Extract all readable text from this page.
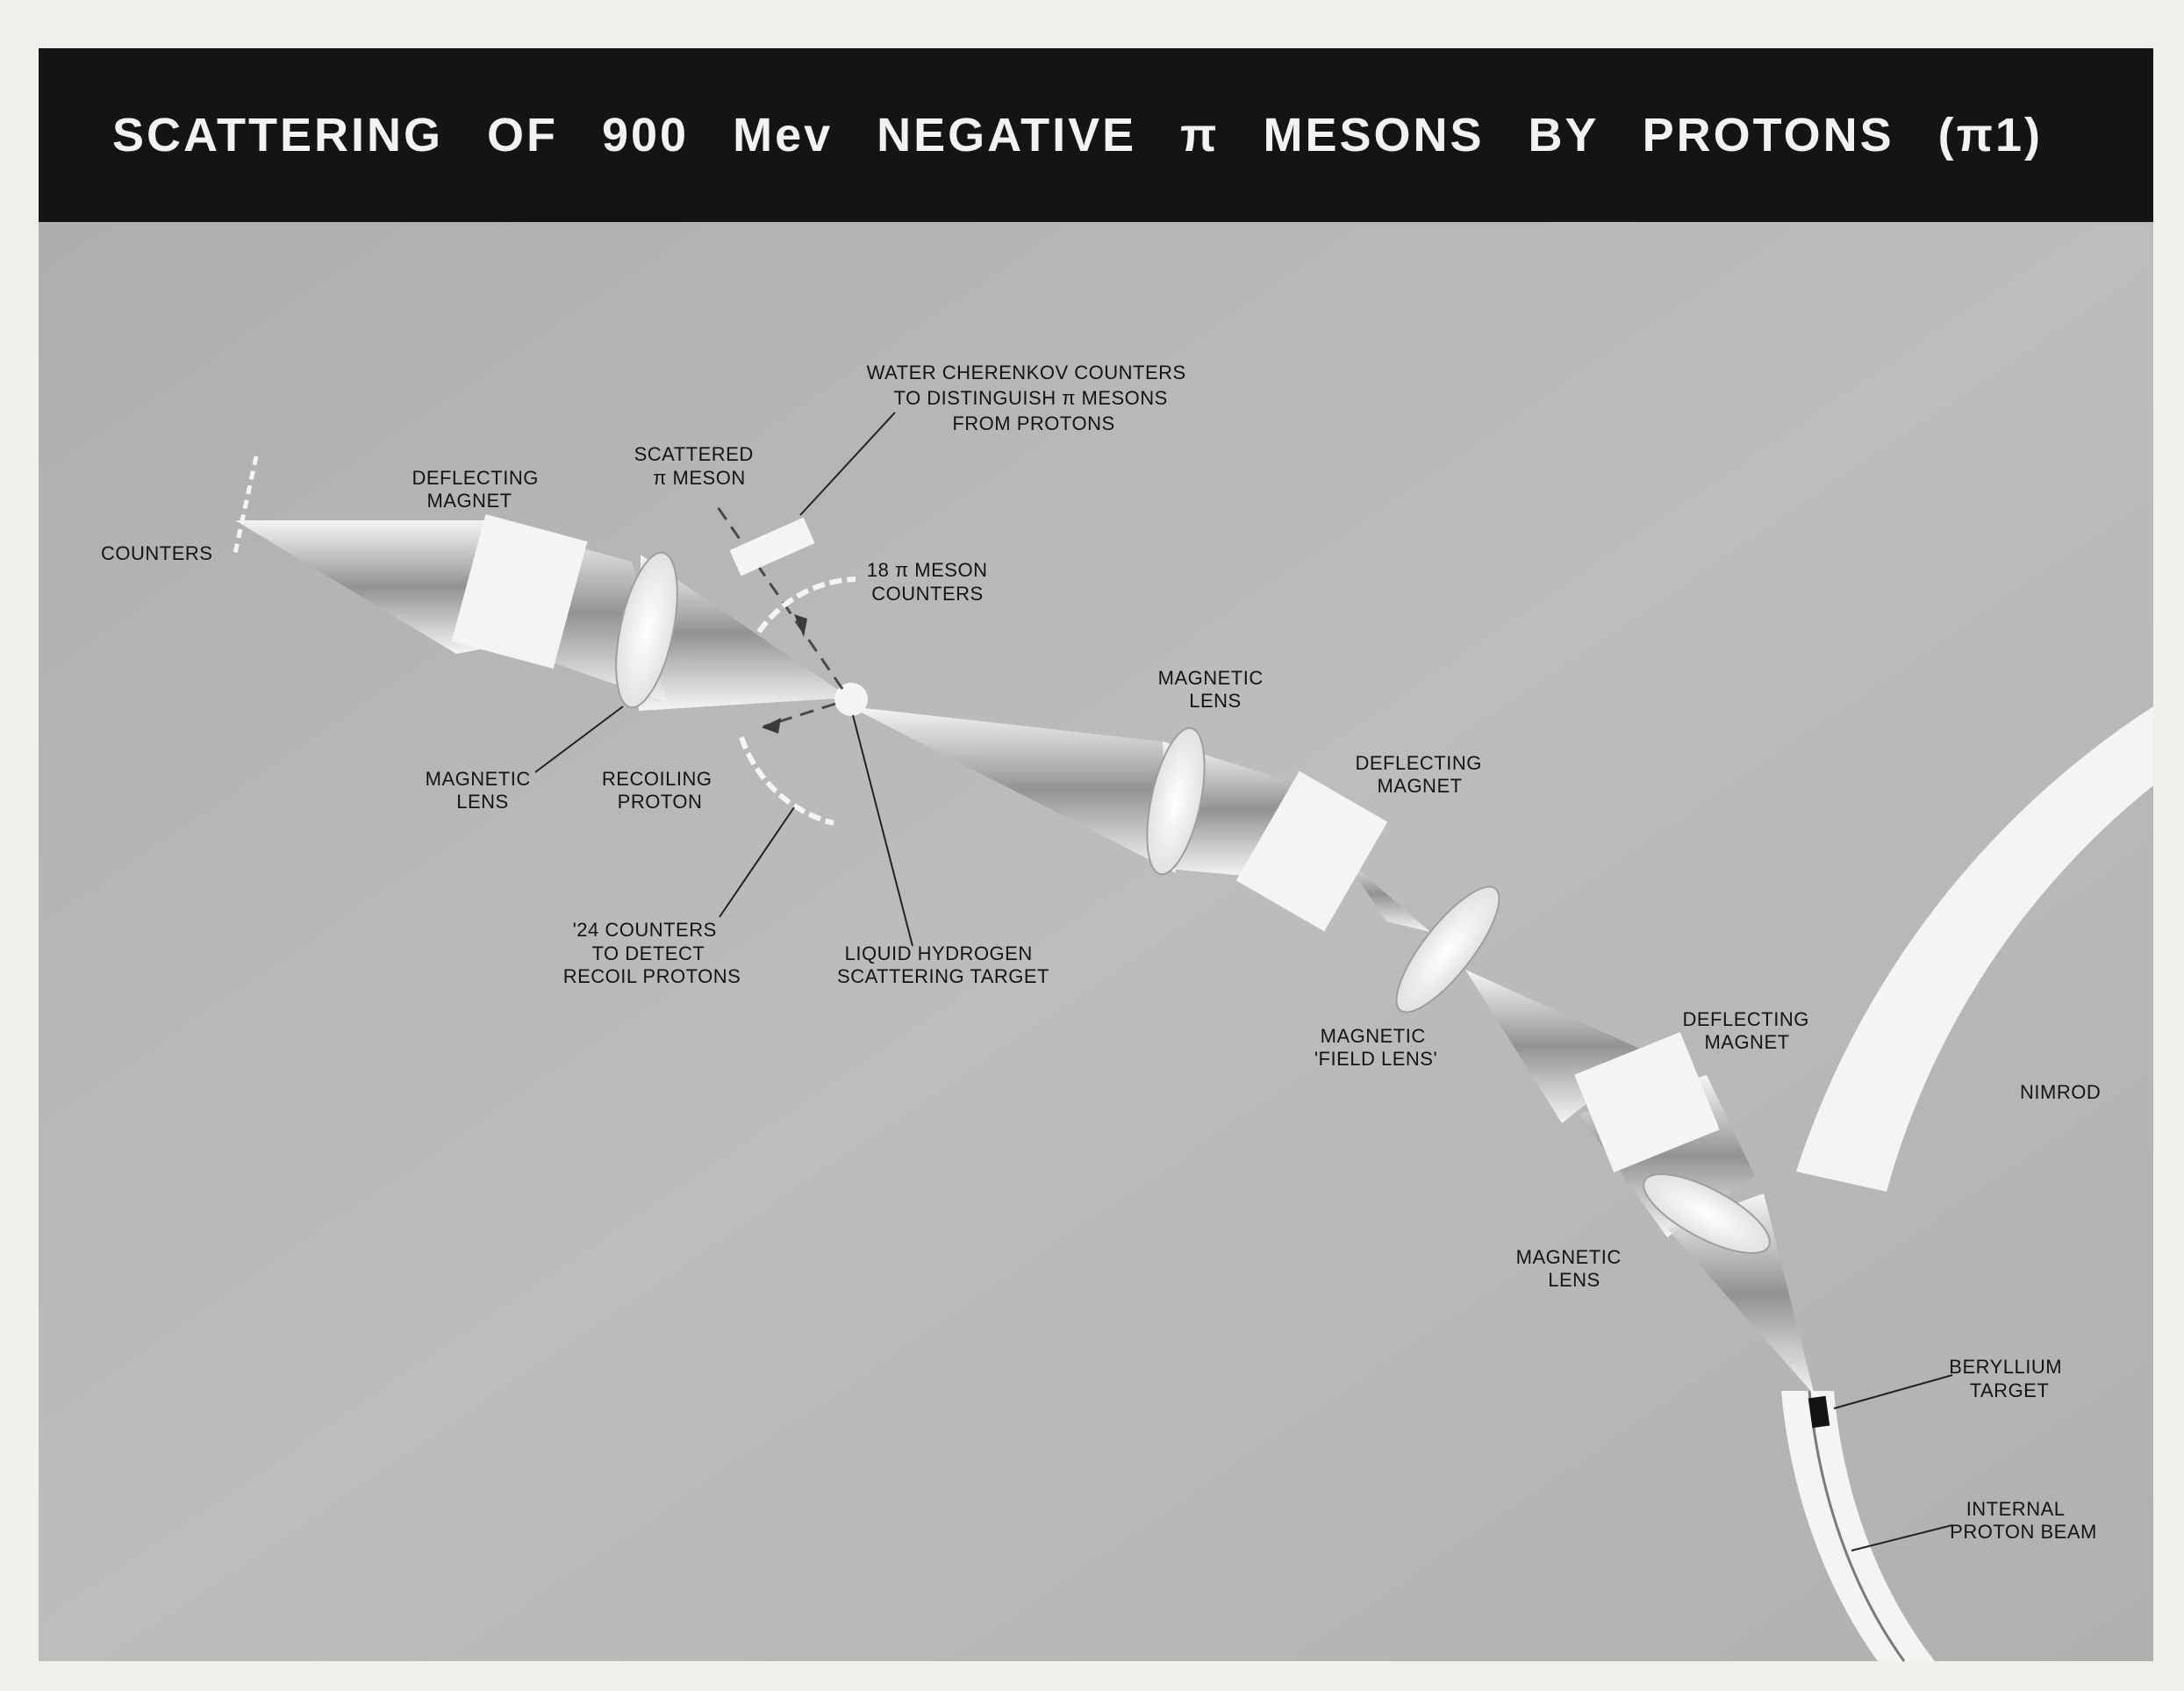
SCATTERING OF 900 Mev NEGATIVE π MESONS BY PROTONS (π1)
COUNTERS
DEFLECTING MAGNET
SCATTERED π MESON
WATER CHERENKOV COUNTERS TO DISTINGUISH π MESONS FROM PROTONS
18 π MESON COUNTERS
MAGNETIC LENS
RECOILING PROTON
'24 COUNTERS TO DETECT RECOIL PROTONS
LIQUID HYDROGEN SCATTERING TARGET
MAGNETIC LENS
DEFLECTING MAGNET
MAGNETIC 'FIELD LENS'
DEFLECTING MAGNET
MAGNETIC LENS
NIMROD
BERYLLIUM TARGET
INTERNAL PROTON BEAM
